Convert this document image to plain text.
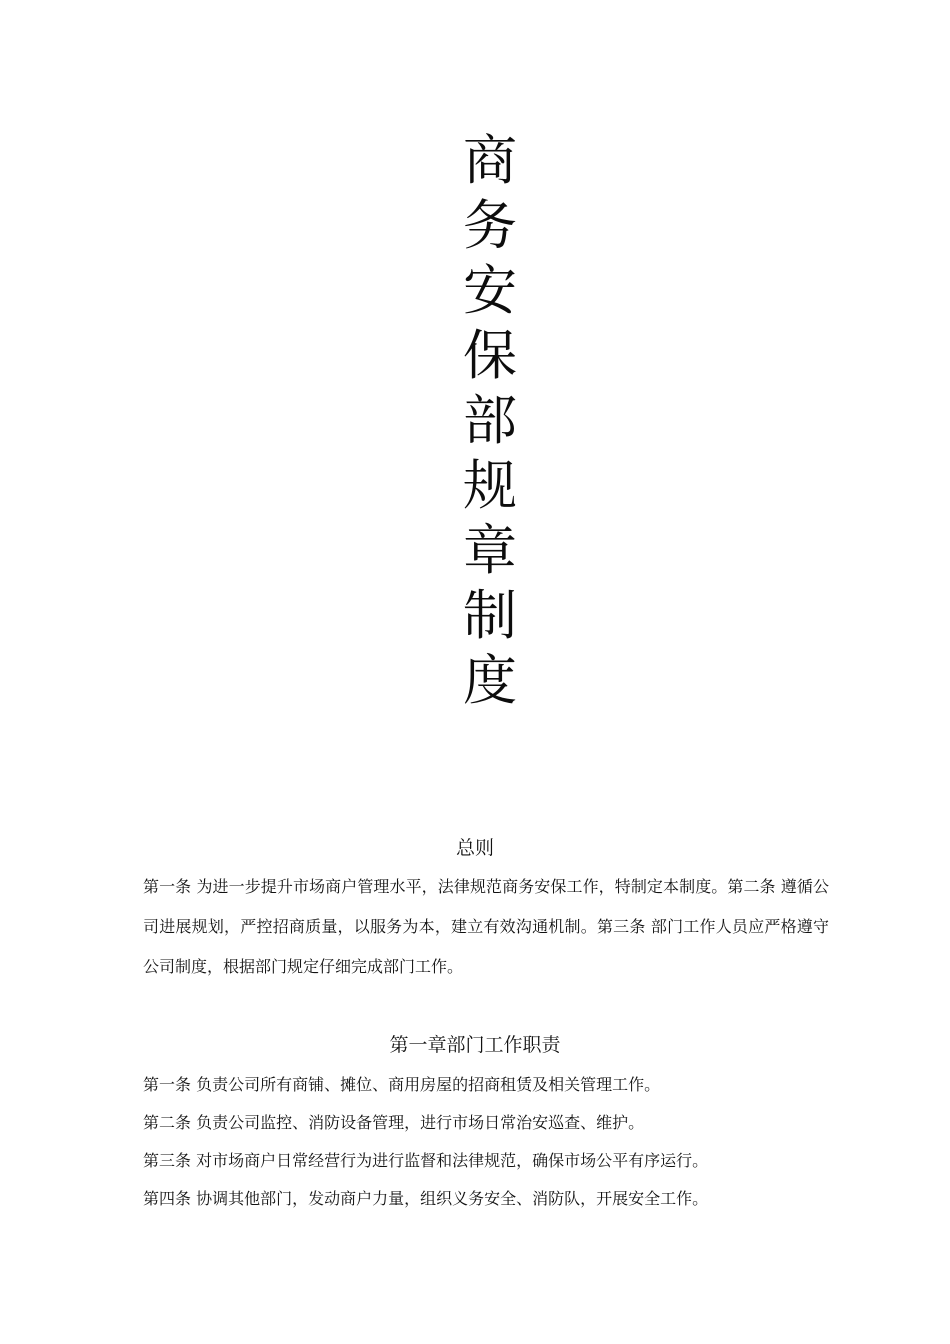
商
务
安
保
部
规
章
制
度
总则
第一条 为进一步提升市场商户管理水平，法律规范商务安保工作，特制定本制度。第二条 遵循公司进展规划，严控招商质量，以服务为本，建立有效沟通机制。第三条 部门工作人员应严格遵守公司制度，根据部门规定仔细完成部门工作。
第一章部门工作职责
第一条 负责公司所有商铺、摊位、商用房屋的招商租赁及相关管理工作。
第二条 负责公司监控、消防设备管理，进行市场日常治安巡查、维护。
第三条 对市场商户日常经营行为进行监督和法律规范，确保市场公平有序运行。
第四条 协调其他部门，发动商户力量，组织义务安全、消防队，开展安全工作。
